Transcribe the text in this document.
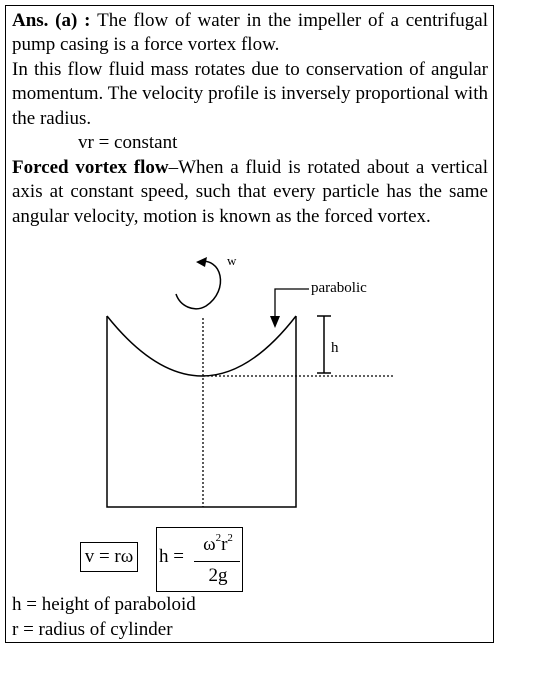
Ans. (a) : The flow of water in the impeller of a centrifugal pump casing is a force vortex flow.

In this flow fluid mass rotates due to conservation of angular momentum. The velocity profile is inversely proportional with the radius.

vr = constant

Forced vortex flow–When a fluid is rotated about a vertical axis at constant speed, such that every particle has the same angular velocity, motion is known as the forced vortex.

w
parabolic
h
v = rω h =
$\omega^2r^2$
2g
h = height of paraboloid
r = radius of cylinder
